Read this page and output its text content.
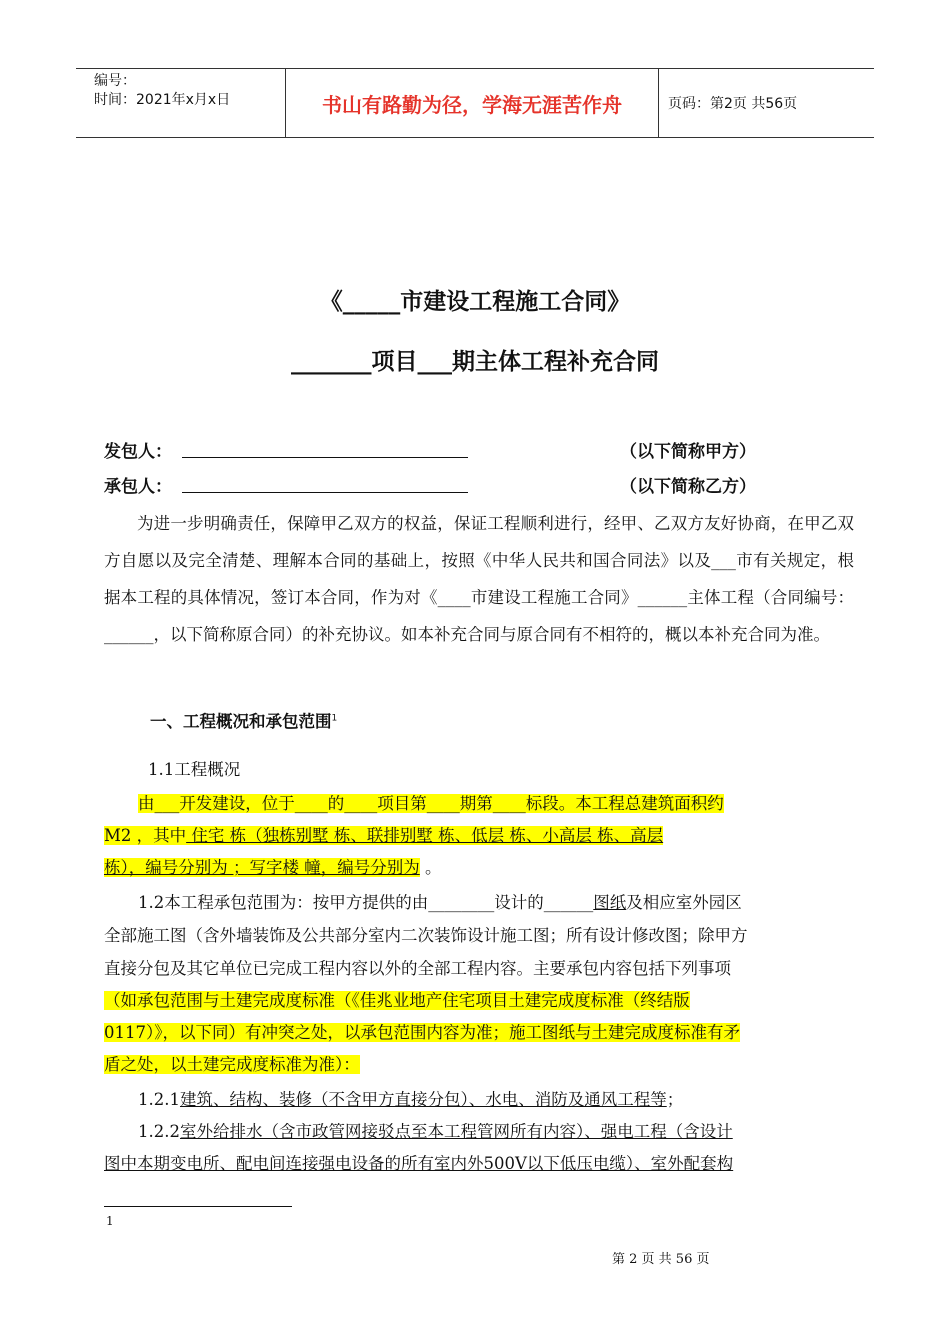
编号：
时间：2021年x月x日	书山有路勤为径，学海无涯苦作舟	页码：第2页 共56页
《_____市建设工程施工合同》
_______项目___期主体工程补充合同
发包人：	（以下简称甲方）
承包人：	（以下简称乙方）
为进一步明确责任，保障甲乙双方的权益，保证工程顺利进行，经甲、乙双方友好协商，在甲乙双方自愿以及完全清楚、理解本合同的基础上，按照《中华人民共和国合同法》以及___市有关规定，根据本工程的具体情况，签订本合同，作为对《____市建设工程施工合同》______主体工程（合同编号：______，以下简称原合同）的补充协议。如本补充合同与原合同有不相符的，概以本补充合同为准。
一、工程概况和承包范围$^1$
1.1工程概况
由___开发建设，位于____的____项目第____期第____标段。本工程总建筑面积约
M2 ，其中 住宅 栋（独栋别墅 栋、联排别墅 栋、低层 栋、小高层 栋、高层
栋），编号分别为 ；写字楼 幢，编号分别为 。
1.2本工程承包范围为：按甲方提供的由________设计的______图纸及相应室外园区
全部施工图（含外墙装饰及公共部分室内二次装饰设计施工图；所有设计修改图；除甲方
直接分包及其它单位已完成工程内容以外的全部工程内容。主要承包内容包括下列事项
（如承包范围与土建完成度标准（《佳兆业地产住宅项目土建完成度标准（终结版
0117）》，以下同）有冲突之处，以承包范围内容为准；施工图纸与土建完成度标准有矛
盾之处，以土建完成度标准为准）：
1.2.1建筑、结构、装修（不含甲方直接分包）、水电、消防及通风工程等；
1.2.2室外给排水（含市政管网接驳点至本工程管网所有内容）、强电工程（含设计
图中本期变电所、配电间连接强电设备的所有室内外500V以下低压电缆）、室外配套构
1
第 2 页 共 56 页
